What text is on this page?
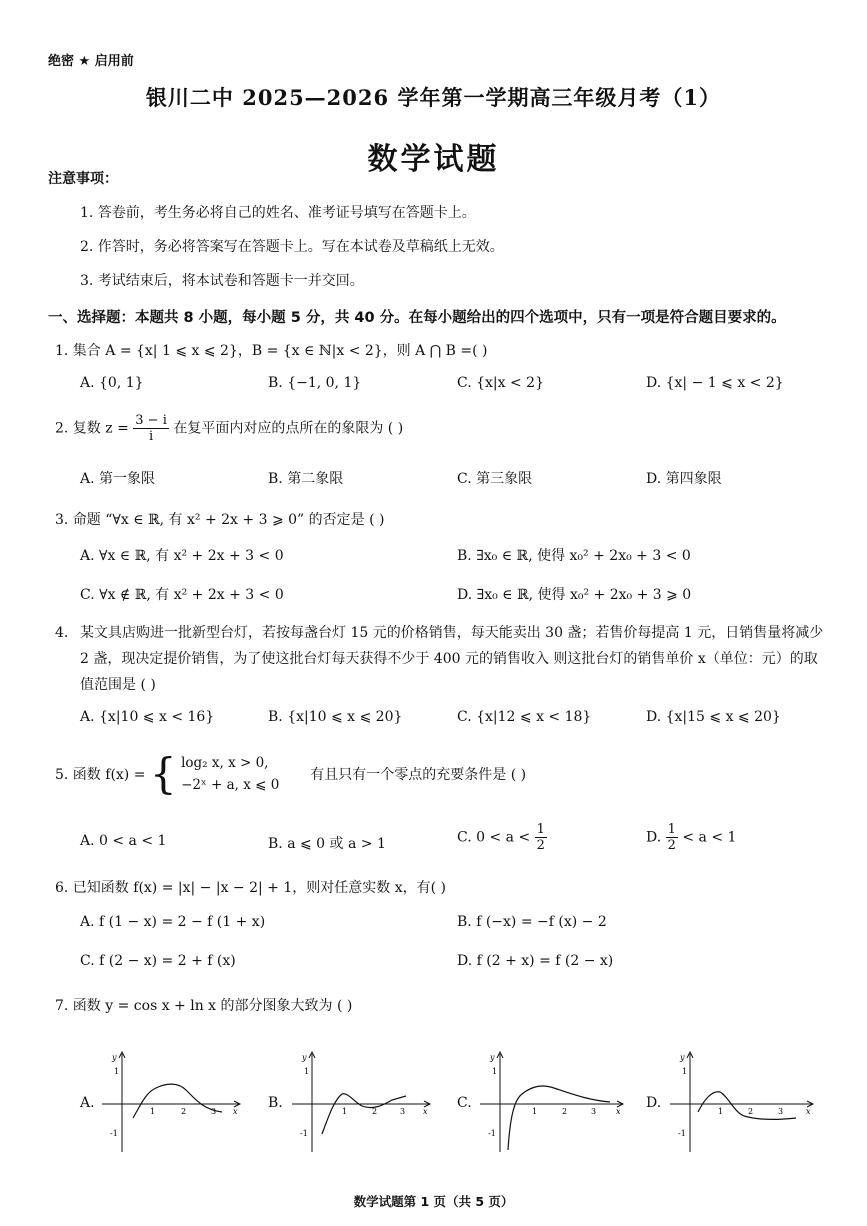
绝密 ★ 启用前
银川二中 2025—2026 学年第一学期高三年级月考（1）
数学试题
注意事项：
1. 答卷前，考生务必将自己的姓名、准考证号填写在答题卡上。
2. 作答时，务必将答案写在答题卡上。写在本试卷及草稿纸上无效。
3. 考试结束后，将本试卷和答题卡一并交回。
一、选择题：本题共 8 小题，每小题 5 分，共 40 分。在每小题给出的四个选项中，只有一项是符合题目要求的。
1. 集合 A = {x| 1 ⩽ x ⩽ 2}，B = {x ∈ ℕ|x < 2}，则 A ⋂ B =( )
A. {0, 1}	B. {−1, 0, 1}	C. {x|x < 2}	D. {x| − 1 ⩽ x < 2}
2. 复数 $z = \frac{3 - i}{i}$ 在复平面内对应的点所在的象限为 ( )
A. 第一象限	B. 第二象限	C. 第三象限	D. 第四象限
3. 命题 “∀x ∈ ℝ, 有 x² + 2x + 3 ⩾ 0” 的否定是 ( )
A. ∀x ∈ ℝ, 有 x² + 2x + 3 < 0	B. ∃x₀ ∈ ℝ, 使得 x₀² + 2x₀ + 3 < 0
C. ∀x ∉ ℝ, 有 x² + 2x + 3 < 0	D. ∃x₀ ∈ ℝ, 使得 x₀² + 2x₀ + 3 ⩾ 0
4. 某文具店购进一批新型台灯，若按每盏台灯 15 元的价格销售，每天能卖出 30 盏；若售价每提高 1 元，日销售量将减少 2 盏，现决定提价销售，为了使这批台灯每天获得不少于 400 元的销售收入 则这批台灯的销售单价 x（单位：元）的取值范围是 ( )
A. {x|10 ⩽ x < 16}	B. {x|10 ⩽ x ⩽ 20}	C. {x|12 ⩽ x < 18}	D. {x|15 ⩽ x ⩽ 20}
5. 函数 f(x) = { log₂ x, x > 0,
−2ˣ + a, x ⩽ 0
有且只有一个零点的充要条件是 ( )
A. 0 < a < 1	B. a ⩽ 0 或 a > 1	C. $0 < a < \frac{1}{2}$	D. $\frac{1}{2} < a < 1$
6. 已知函数 f(x) = |x| − |x − 2| + 1，则对任意实数 x，有( )
A. f (1 − x) = 2 − f (1 + x)	B. f (−x) = −f (x) − 2
C. f (2 − x) = 2 + f (x)	D. f (2 + x) = f (2 − x)
7. 函数 y = cos x + ln x 的部分图象大致为 ( )
A.	B.	C.	D.
y
x
1
-1
1	2	3
y
x
1
-1
1	2	3
y
x
1
-1
1	2	3
y
x
1
-1
1	2	3
数学试题第 1 页（共 5 页）
